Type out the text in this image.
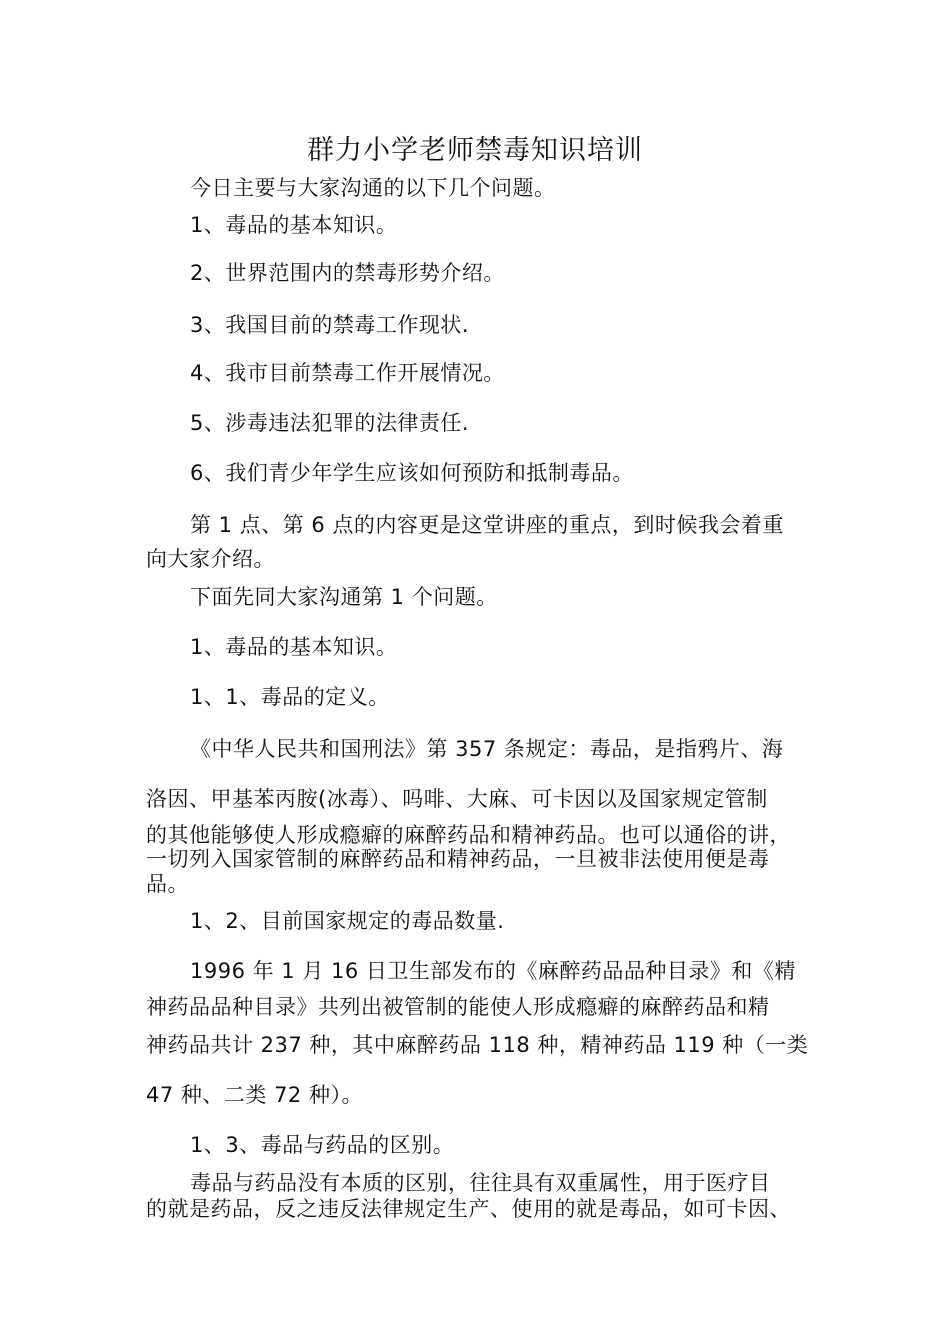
群力小学老师禁毒知识培训
今日主要与大家沟通的以下几个问题。
1、毒品的基本知识。
2、世界范围内的禁毒形势介绍。
3、我国目前的禁毒工作现状.
4、我市目前禁毒工作开展情况。
5、涉毒违法犯罪的法律责任.
6、我们青少年学生应该如何预防和抵制毒品。
第 1 点、第 6 点的内容更是这堂讲座的重点，到时候我会着重
向大家介绍。
下面先同大家沟通第 1 个问题。
1、毒品的基本知识。
1、1、毒品的定义。
《中华人民共和国刑法》第 357 条规定：毒品，是指鸦片、海
洛因、甲基苯丙胺(冰毒）、吗啡、大麻、可卡因以及国家规定管制
的其他能够使人形成瘾癖的麻醉药品和精神药品。也可以通俗的讲，
一切列入国家管制的麻醉药品和精神药品，一旦被非法使用便是毒
品。
1、2、目前国家规定的毒品数量.
1996 年 1 月 16 日卫生部发布的《麻醉药品品种目录》和《精
神药品品种目录》共列出被管制的能使人形成瘾癖的麻醉药品和精
神药品共计 237 种，其中麻醉药品 118 种，精神药品 119 种（一类
47 种、二类 72 种）。
1、3、毒品与药品的区别。
毒品与药品没有本质的区别，往往具有双重属性，用于医疗目
的就是药品，反之违反法律规定生产、使用的就是毒品，如可卡因、
